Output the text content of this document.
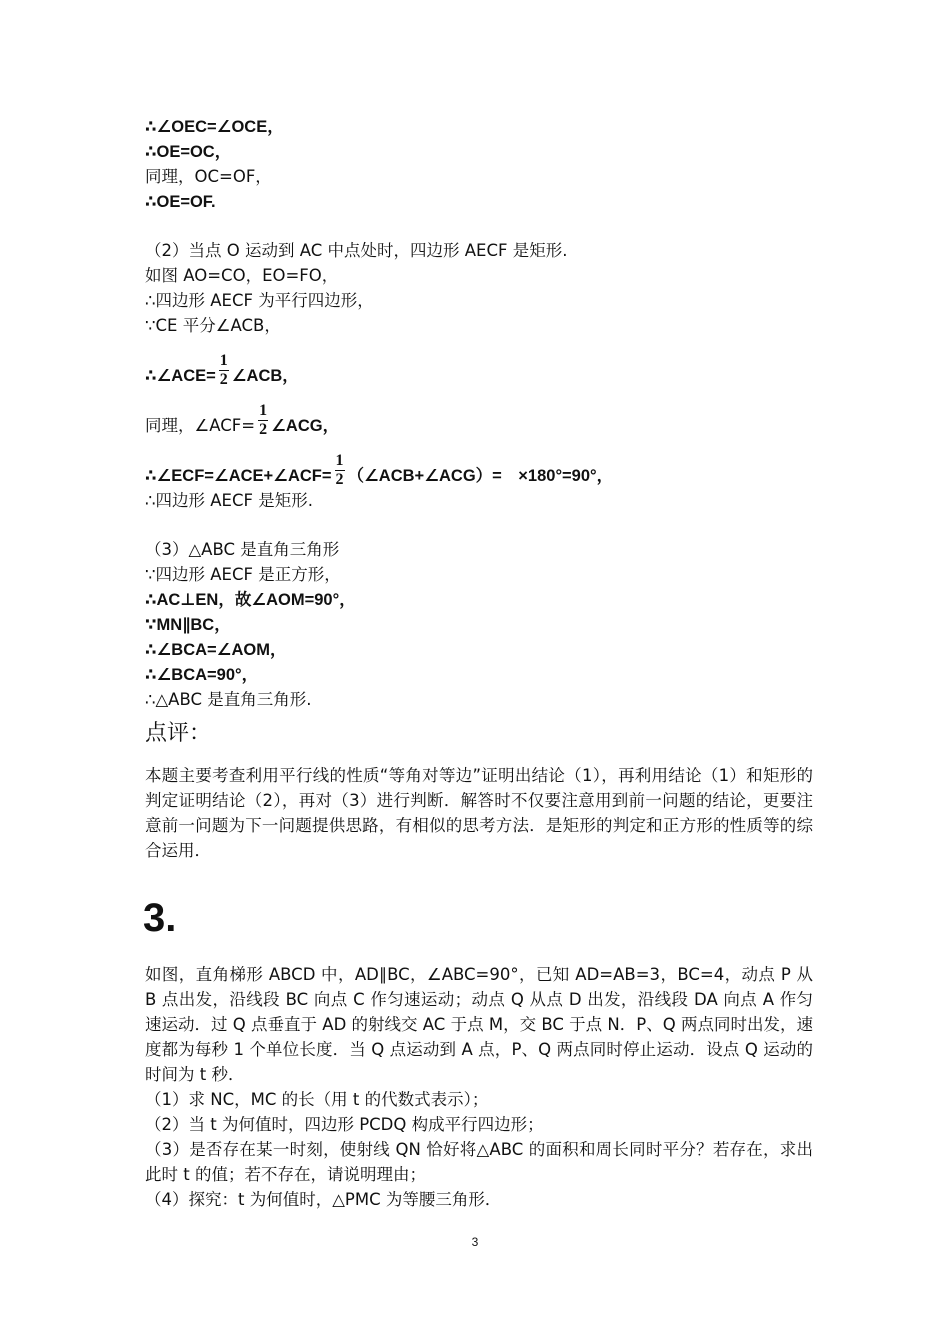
∴∠OEC=∠OCE，
∴OE=OC，
同理，OC=OF，
∴OE=OF.
（2）当点 O 运动到 AC 中点处时，四边形 AECF 是矩形.
如图 AO=CO，EO=FO，
∴四边形 AECF 为平行四边形，
∵CE 平分∠ACB，
∴∠ACE= $\frac{1}{2}$ ∠ACB，
同理，∠ACF= $\frac{1}{2}$ ∠ACG，
∴∠ECF=∠ACE+∠ACF= $\frac{1}{2}$ （∠ACB+∠ACG）=　×180°=90°，
∴四边形 AECF 是矩形.
（3）△ABC 是直角三角形
∵四边形 AECF 是正方形，
∴AC⊥EN，故∠AOM=90°，
∵MN∥BC，
∴∠BCA=∠AOM，
∴∠BCA=90°，
∴△ABC 是直角三角形.
点评：
本题主要考查利用平行线的性质“等角对等边”证明出结论（1），再利用结论（1）和矩形的判定证明结论（2），再对（3）进行判断．解答时不仅要注意用到前一问题的结论，更要注意前一问题为下一问题提供思路，有相似的思考方法．是矩形的判定和正方形的性质等的综合运用．
3.
如图，直角梯形 ABCD 中，AD∥BC，∠ABC=90°，已知 AD=AB=3，BC=4，动点 P 从 B 点出发，沿线段 BC 向点 C 作匀速运动；动点 Q 从点 D 出发，沿线段 DA 向点 A 作匀速运动．过 Q 点垂直于 AD 的射线交 AC 于点 M，交 BC 于点 N．P、Q 两点同时出发，速度都为每秒 1 个单位长度．当 Q 点运动到 A 点，P、Q 两点同时停止运动．设点 Q 运动的时间为 t 秒．
（1）求 NC，MC 的长（用 t 的代数式表示）；
（2）当 t 为何值时，四边形 PCDQ 构成平行四边形；
（3）是否存在某一时刻，使射线 QN 恰好将△ABC 的面积和周长同时平分？若存在，求出此时 t 的值；若不存在，请说明理由；
（4）探究：t 为何值时，△PMC 为等腰三角形．
3
